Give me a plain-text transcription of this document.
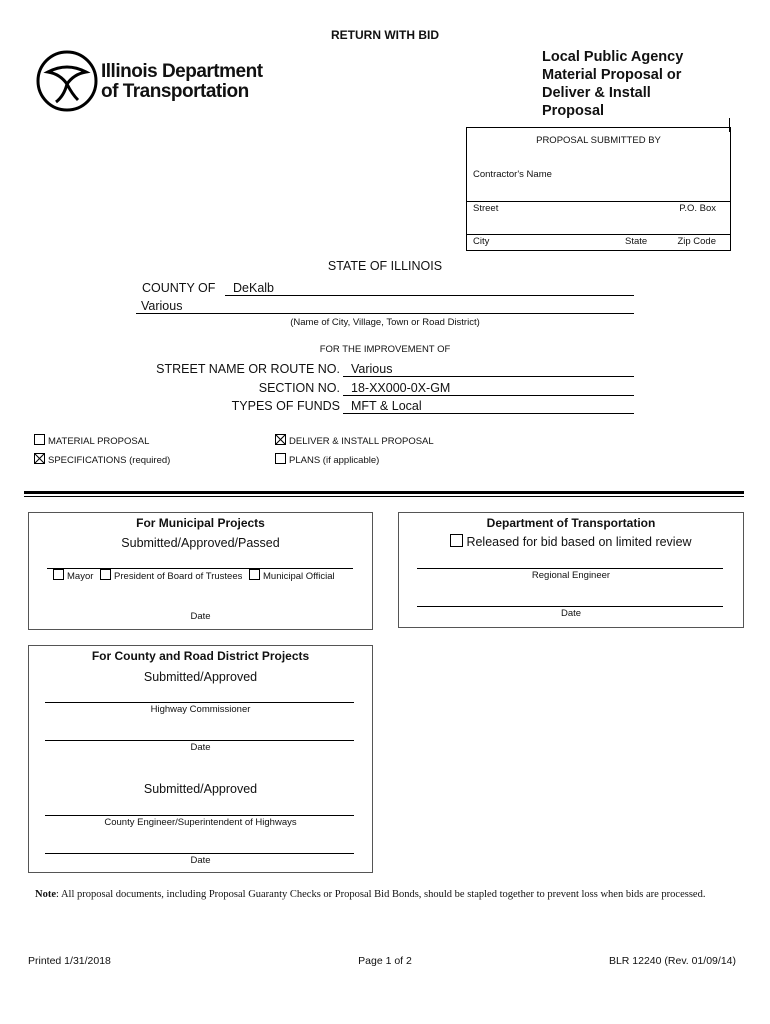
RETURN WITH BID
Illinois Department
of Transportation
Local Public Agency
Material Proposal or
Deliver & Install
Proposal
PROPOSAL SUBMITTED BY
Contractor's Name
Street	P.O. Box
City	State	Zip Code
STATE OF ILLINOIS
COUNTY OF	DeKalb
Various
(Name of City, Village, Town or Road District)
FOR THE IMPROVEMENT OF
STREET NAME OR ROUTE NO. Various
SECTION NO. 18-XX000-0X-GM
TYPES OF FUNDS MFT & Local
MATERIAL PROPOSAL	DELIVER & INSTALL PROPOSAL
SPECIFICATIONS (required)	PLANS (if applicable)
For Municipal Projects
Submitted/Approved/Passed
Mayor President of Board of Trustees Municipal Official
Date
Department of Transportation
Released for bid based on limited review
Regional Engineer
Date
For County and Road District Projects
Submitted/Approved
Highway Commissioner
Date
Submitted/Approved
County Engineer/Superintendent of Highways
Date
Note: All proposal documents, including Proposal Guaranty Checks or Proposal Bid Bonds, should be stapled together to prevent loss when bids are processed.
Printed 1/31/2018	Page 1 of 2	BLR 12240 (Rev. 01/09/14)
